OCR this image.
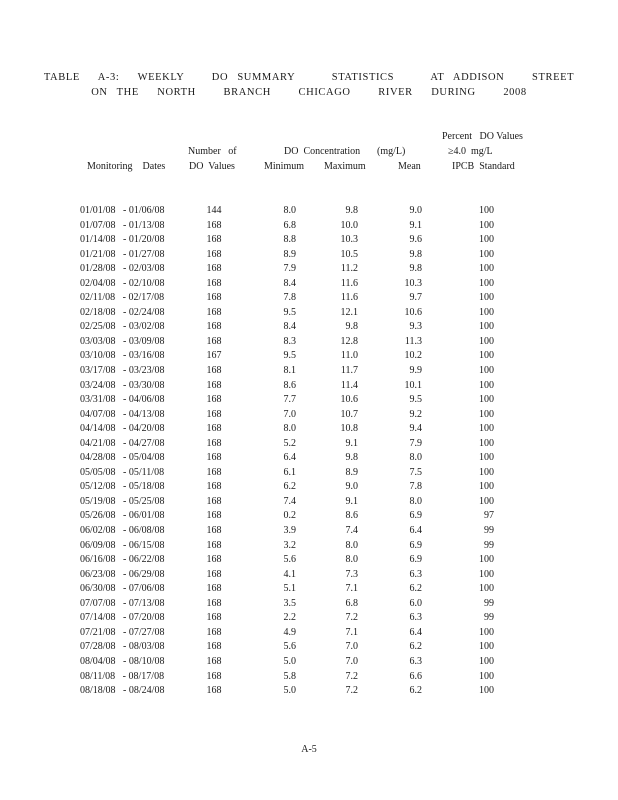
TABLE  A-3:  WEEKLY   DO SUMMARY    STATISTICS    AT ADDISON   STREET
ON THE  NORTH   BRANCH   CHICAGO   RIVER  DURING   2008
Percent   DO Values
≥4.0  mg/L
IPCB  Standard
Number   of
DO  Values
DO  Concentration (mg/L)
Monitoring    Dates	Minimum Maximum	Mean
01/01/08   - 01/06/08	144	8.0	9.8	9.0	100
01/07/08   - 01/13/08	168	6.8	10.0	9.1	100
01/14/08   - 01/20/08	168	8.8	10.3	9.6	100
01/21/08   - 01/27/08	168	8.9	10.5	9.8	100
01/28/08   - 02/03/08	168	7.9	11.2	9.8	100
02/04/08   - 02/10/08	168	8.4	11.6	10.3	100
02/11/08   - 02/17/08	168	7.8	11.6	9.7	100
02/18/08   - 02/24/08	168	9.5	12.1	10.6	100
02/25/08   - 03/02/08	168	8.4	9.8	9.3	100
03/03/08   - 03/09/08	168	8.3	12.8	11.3	100
03/10/08   - 03/16/08	167	9.5	11.0	10.2	100
03/17/08   - 03/23/08	168	8.1	11.7	9.9	100
03/24/08   - 03/30/08	168	8.6	11.4	10.1	100
03/31/08   - 04/06/08	168	7.7	10.6	9.5	100
04/07/08   - 04/13/08	168	7.0	10.7	9.2	100
04/14/08   - 04/20/08	168	8.0	10.8	9.4	100
04/21/08   - 04/27/08	168	5.2	9.1	7.9	100
04/28/08   - 05/04/08	168	6.4	9.8	8.0	100
05/05/08   - 05/11/08	168	6.1	8.9	7.5	100
05/12/08   - 05/18/08	168	6.2	9.0	7.8	100
05/19/08   - 05/25/08	168	7.4	9.1	8.0	100
05/26/08   - 06/01/08	168	0.2	8.6	6.9	97
06/02/08   - 06/08/08	168	3.9	7.4	6.4	99
06/09/08   - 06/15/08	168	3.2	8.0	6.9	99
06/16/08   - 06/22/08	168	5.6	8.0	6.9	100
06/23/08   - 06/29/08	168	4.1	7.3	6.3	100
06/30/08   - 07/06/08	168	5.1	7.1	6.2	100
07/07/08   - 07/13/08	168	3.5	6.8	6.0	99
07/14/08   - 07/20/08	168	2.2	7.2	6.3	99
07/21/08   - 07/27/08	168	4.9	7.1	6.4	100
07/28/08   - 08/03/08	168	5.6	7.0	6.2	100
08/04/08   - 08/10/08	168	5.0	7.0	6.3	100
08/11/08   - 08/17/08	168	5.8	7.2	6.6	100
08/18/08   - 08/24/08	168	5.0	7.2	6.2	100
A-5
